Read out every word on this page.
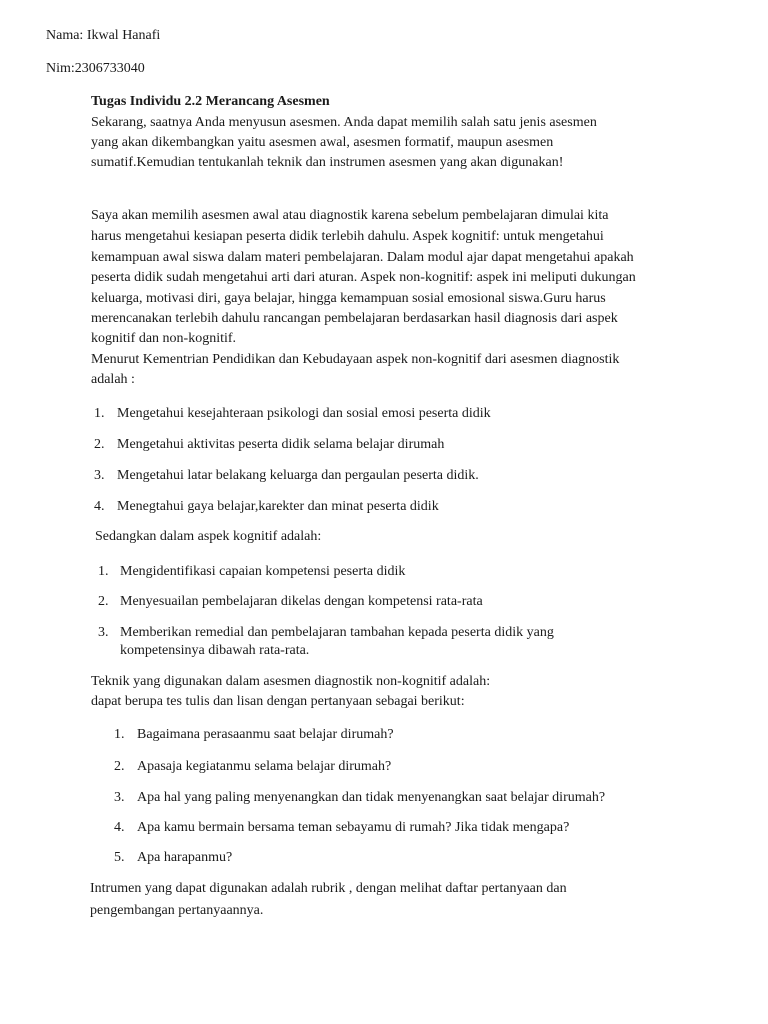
Nama: Ikwal Hanafi
Nim:2306733040
Tugas Individu 2.2 Merancang Asesmen
Sekarang, saatnya Anda menyusun asesmen. Anda dapat memilih salah satu jenis asesmen
yang akan dikembangkan yaitu asesmen awal, asesmen formatif, maupun asesmen
sumatif.Kemudian tentukanlah teknik dan instrumen asesmen yang akan digunakan!
Saya akan memilih asesmen awal atau diagnostik karena sebelum pembelajaran dimulai kita
harus mengetahui kesiapan peserta didik terlebih dahulu. Aspek kognitif: untuk mengetahui
kemampuan awal siswa dalam materi pembelajaran. Dalam modul ajar dapat mengetahui apakah
peserta didik sudah mengetahui arti dari aturan. Aspek non-kognitif: aspek ini meliputi dukungan
keluarga, motivasi diri, gaya belajar, hingga kemampuan sosial emosional siswa.Guru harus
merencanakan terlebih dahulu rancangan pembelajaran berdasarkan hasil diagnosis dari aspek
kognitif dan non-kognitif.
Menurut Kementrian Pendidikan dan Kebudayaan aspek non-kognitif dari asesmen diagnostik
adalah :
1. Mengetahui kesejahteraan psikologi dan sosial emosi peserta didik
2. Mengetahui aktivitas peserta didik selama belajar dirumah
3. Mengetahui latar belakang keluarga dan pergaulan peserta didik.
4. Menegtahui gaya belajar,karekter dan minat peserta didik
Sedangkan dalam aspek kognitif adalah:
1. Mengidentifikasi capaian kompetensi peserta didik
2. Menyesuailan pembelajaran dikelas dengan kompetensi rata-rata
3. Memberikan remedial dan pembelajaran tambahan kepada peserta didik yang
kompetensinya dibawah rata-rata.
Teknik yang digunakan dalam asesmen diagnostik non-kognitif adalah:
dapat berupa tes tulis dan lisan dengan pertanyaan sebagai berikut:
1. Bagaimana perasaanmu saat belajar dirumah?
2. Apasaja kegiatanmu selama belajar dirumah?
3. Apa hal yang paling menyenangkan dan tidak menyenangkan saat belajar dirumah?
4. Apa kamu bermain bersama teman sebayamu di rumah? Jika tidak mengapa?
5. Apa harapanmu?
Intrumen yang dapat digunakan adalah rubrik , dengan melihat daftar pertanyaan dan
pengembangan pertanyaannya.
